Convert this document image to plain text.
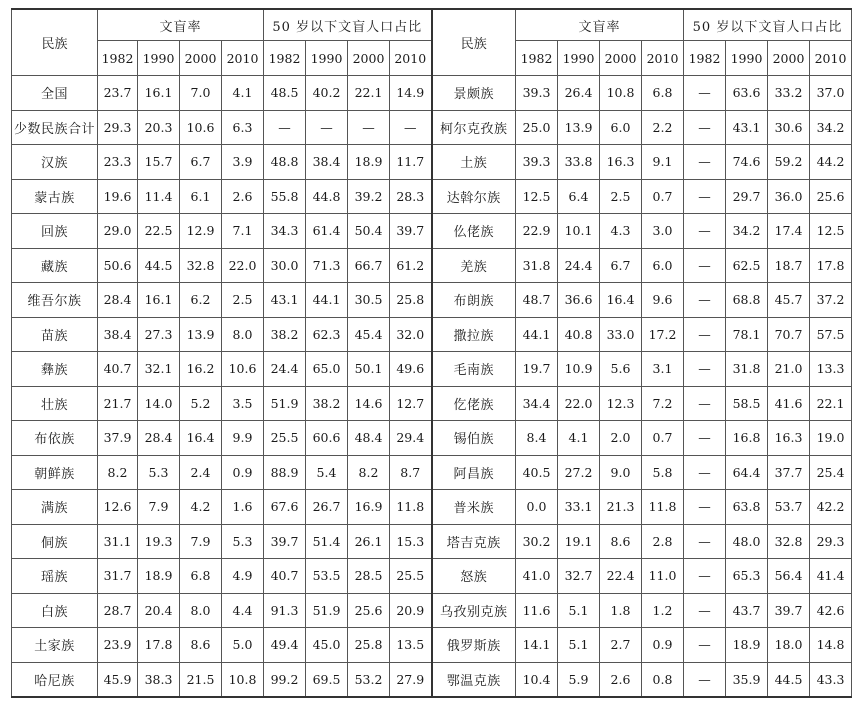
民族	文盲率				50 岁以下文盲人口占比				民族	文盲率				50 岁以下文盲人口占比			
	1982	1990	2000	2010	1982	1990	2000	2010		1982	1990	2000	2010	1982	1990	2000	2010
全国	23.7	16.1	7.0	4.1	48.5	40.2	22.1	14.9	景颇族	39.3	26.4	10.8	6.8	—	63.6	33.2	37.0
少数民族合计	29.3	20.3	10.6	6.3	—	—	—	—	柯尔克孜族	25.0	13.9	6.0	2.2	—	43.1	30.6	34.2
汉族	23.3	15.7	6.7	3.9	48.8	38.4	18.9	11.7	土族	39.3	33.8	16.3	9.1	—	74.6	59.2	44.2
蒙古族	19.6	11.4	6.1	2.6	55.8	44.8	39.2	28.3	达斡尔族	12.5	6.4	2.5	0.7	—	29.7	36.0	25.6
回族	29.0	22.5	12.9	7.1	34.3	61.4	50.4	39.7	仫佬族	22.9	10.1	4.3	3.0	—	34.2	17.4	12.5
藏族	50.6	44.5	32.8	22.0	30.0	71.3	66.7	61.2	羌族	31.8	24.4	6.7	6.0	—	62.5	18.7	17.8
维吾尔族	28.4	16.1	6.2	2.5	43.1	44.1	30.5	25.8	布朗族	48.7	36.6	16.4	9.6	—	68.8	45.7	37.2
苗族	38.4	27.3	13.9	8.0	38.2	62.3	45.4	32.0	撒拉族	44.1	40.8	33.0	17.2	—	78.1	70.7	57.5
彝族	40.7	32.1	16.2	10.6	24.4	65.0	50.1	49.6	毛南族	19.7	10.9	5.6	3.1	—	31.8	21.0	13.3
壮族	21.7	14.0	5.2	3.5	51.9	38.2	14.6	12.7	仡佬族	34.4	22.0	12.3	7.2	—	58.5	41.6	22.1
布依族	37.9	28.4	16.4	9.9	25.5	60.6	48.4	29.4	锡伯族	8.4	4.1	2.0	0.7	—	16.8	16.3	19.0
朝鲜族	8.2	5.3	2.4	0.9	88.9	5.4	8.2	8.7	阿昌族	40.5	27.2	9.0	5.8	—	64.4	37.7	25.4
满族	12.6	7.9	4.2	1.6	67.6	26.7	16.9	11.8	普米族	0.0	33.1	21.3	11.8	—	63.8	53.7	42.2
侗族	31.1	19.3	7.9	5.3	39.7	51.4	26.1	15.3	塔吉克族	30.2	19.1	8.6	2.8	—	48.0	32.8	29.3
瑶族	31.7	18.9	6.8	4.9	40.7	53.5	28.5	25.5	怒族	41.0	32.7	22.4	11.0	—	65.3	56.4	41.4
白族	28.7	20.4	8.0	4.4	91.3	51.9	25.6	20.9	乌孜别克族	11.6	5.1	1.8	1.2	—	43.7	39.7	42.6
土家族	23.9	17.8	8.6	5.0	49.4	45.0	25.8	13.5	俄罗斯族	14.1	5.1	2.7	0.9	—	18.9	18.0	14.8
哈尼族	45.9	38.3	21.5	10.8	99.2	69.5	53.2	27.9	鄂温克族	10.4	5.9	2.6	0.8	—	35.9	44.5	43.3
